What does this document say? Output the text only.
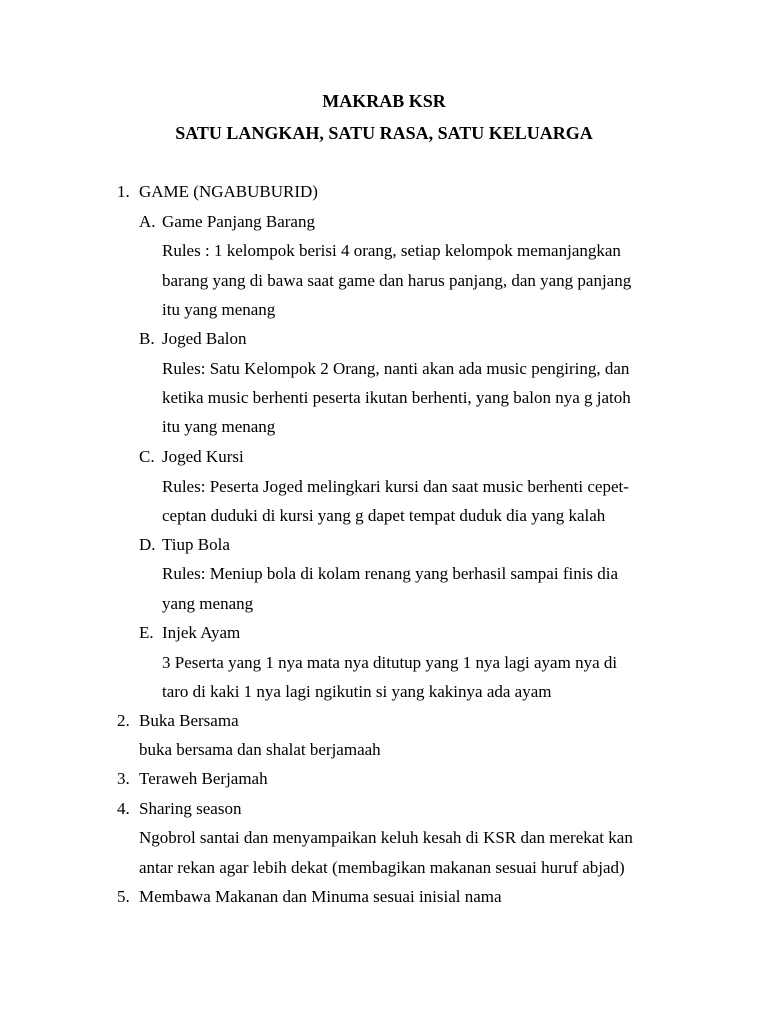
MAKRAB KSR
SATU LANGKAH, SATU RASA, SATU KELUARGA
1. GAME (NGABUBURID)
A. Game Panjang Barang
Rules : 1 kelompok berisi 4 orang, setiap kelompok memanjangkan
barang yang di bawa saat game dan harus panjang, dan yang panjang
itu yang menang
B. Joged Balon
Rules: Satu Kelompok 2 Orang, nanti akan ada music pengiring, dan
ketika music berhenti peserta ikutan berhenti, yang balon nya g jatoh
itu yang menang
C. Joged Kursi
Rules: Peserta Joged melingkari kursi dan saat music berhenti cepet-
ceptan duduki di kursi yang g dapet tempat duduk dia yang kalah
D. Tiup Bola
Rules: Meniup bola di kolam renang yang berhasil sampai finis dia
yang menang
E. Injek Ayam
3 Peserta yang 1 nya mata nya ditutup yang 1 nya lagi ayam nya di
taro di kaki 1 nya lagi ngikutin si yang kakinya ada ayam
2. Buka Bersama
buka bersama dan shalat berjamaah
3. Teraweh Berjamah
4. Sharing season
Ngobrol santai dan menyampaikan keluh kesah di KSR dan merekat kan
antar rekan agar lebih dekat (membagikan makanan sesuai huruf abjad)
5. Membawa Makanan dan Minuma sesuai inisial nama
